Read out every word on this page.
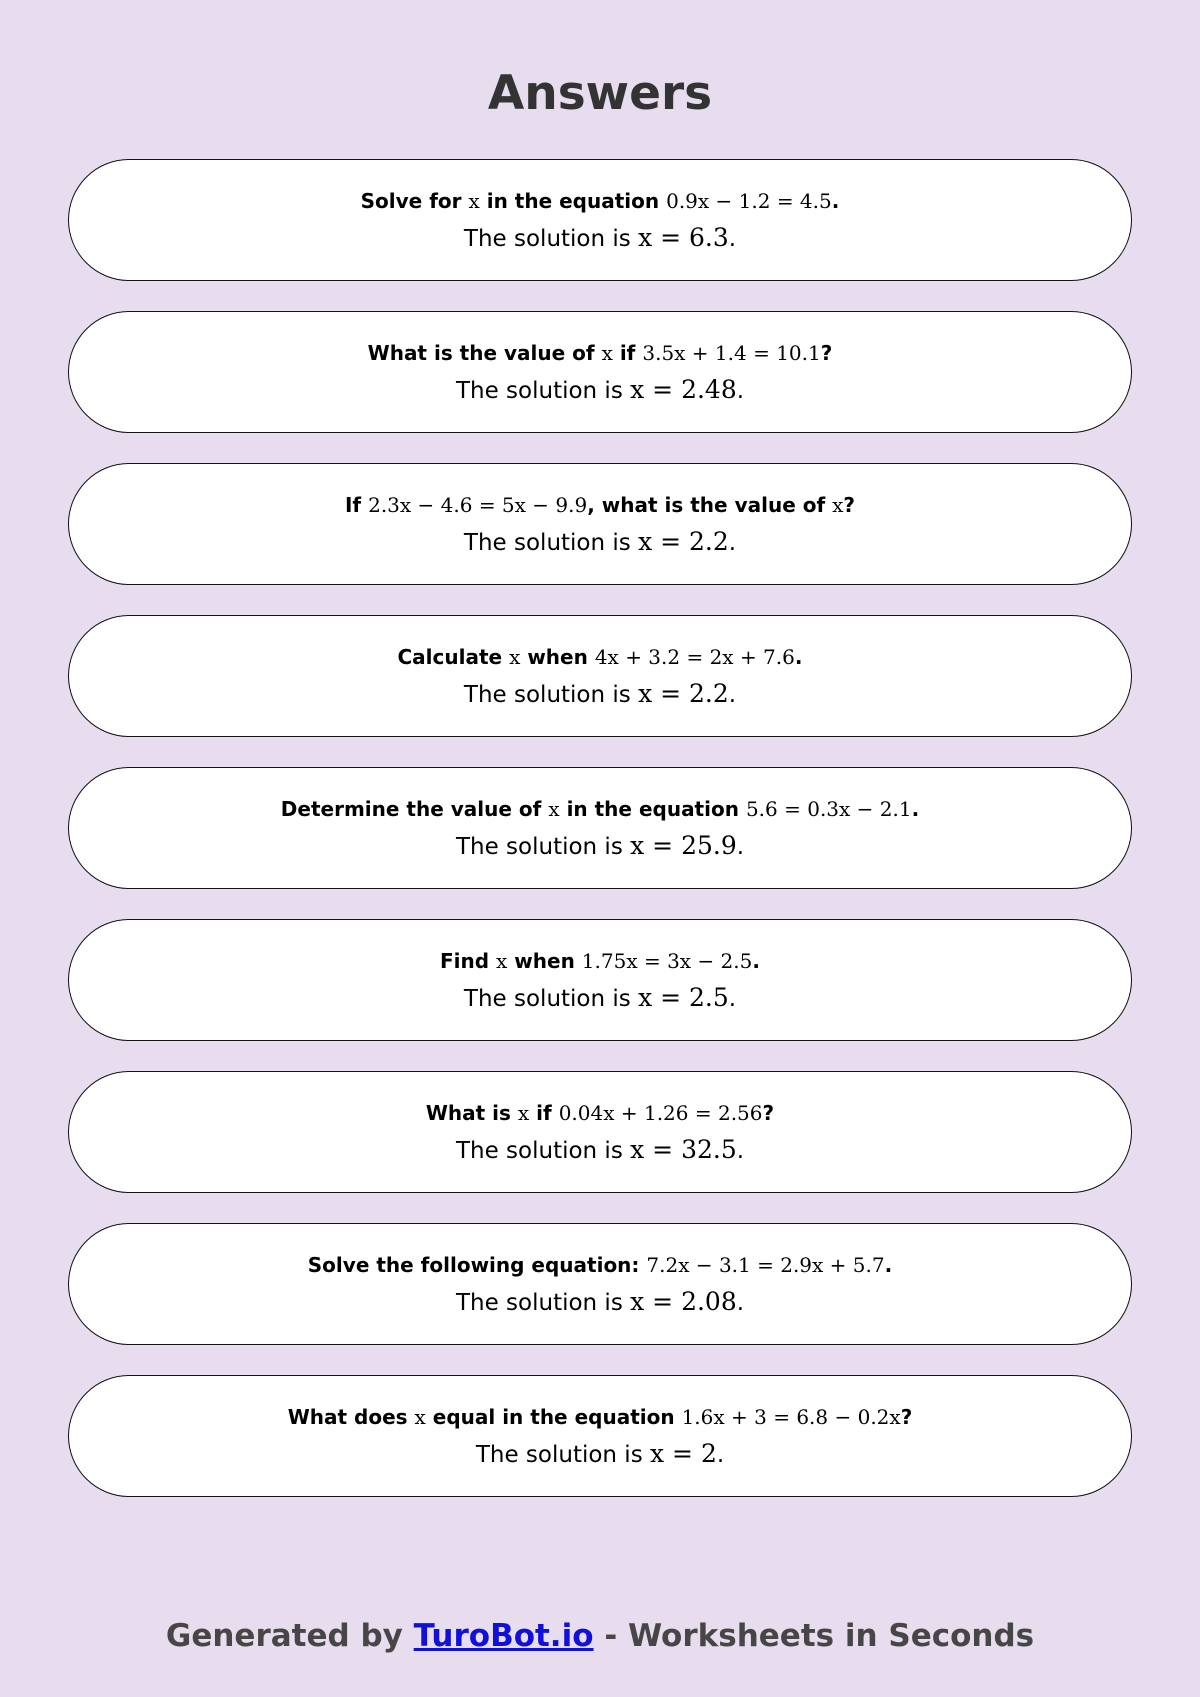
Answers
Solve for x in the equation 0.9x − 1.2 = 4.5.
The solution is x = 6.3.
What is the value of x if 3.5x + 1.4 = 10.1?
The solution is x = 2.48.
If 2.3x − 4.6 = 5x − 9.9, what is the value of x?
The solution is x = 2.2.
Calculate x when 4x + 3.2 = 2x + 7.6.
The solution is x = 2.2.
Determine the value of x in the equation 5.6 = 0.3x − 2.1.
The solution is x = 25.9.
Find x when 1.75x = 3x − 2.5.
The solution is x = 2.5.
What is x if 0.04x + 1.26 = 2.56?
The solution is x = 32.5.
Solve the following equation: 7.2x − 3.1 = 2.9x + 5.7.
The solution is x = 2.08.
What does x equal in the equation 1.6x + 3 = 6.8 − 0.2x?
The solution is x = 2.
Generated by TuroBot.io - Worksheets in Seconds
